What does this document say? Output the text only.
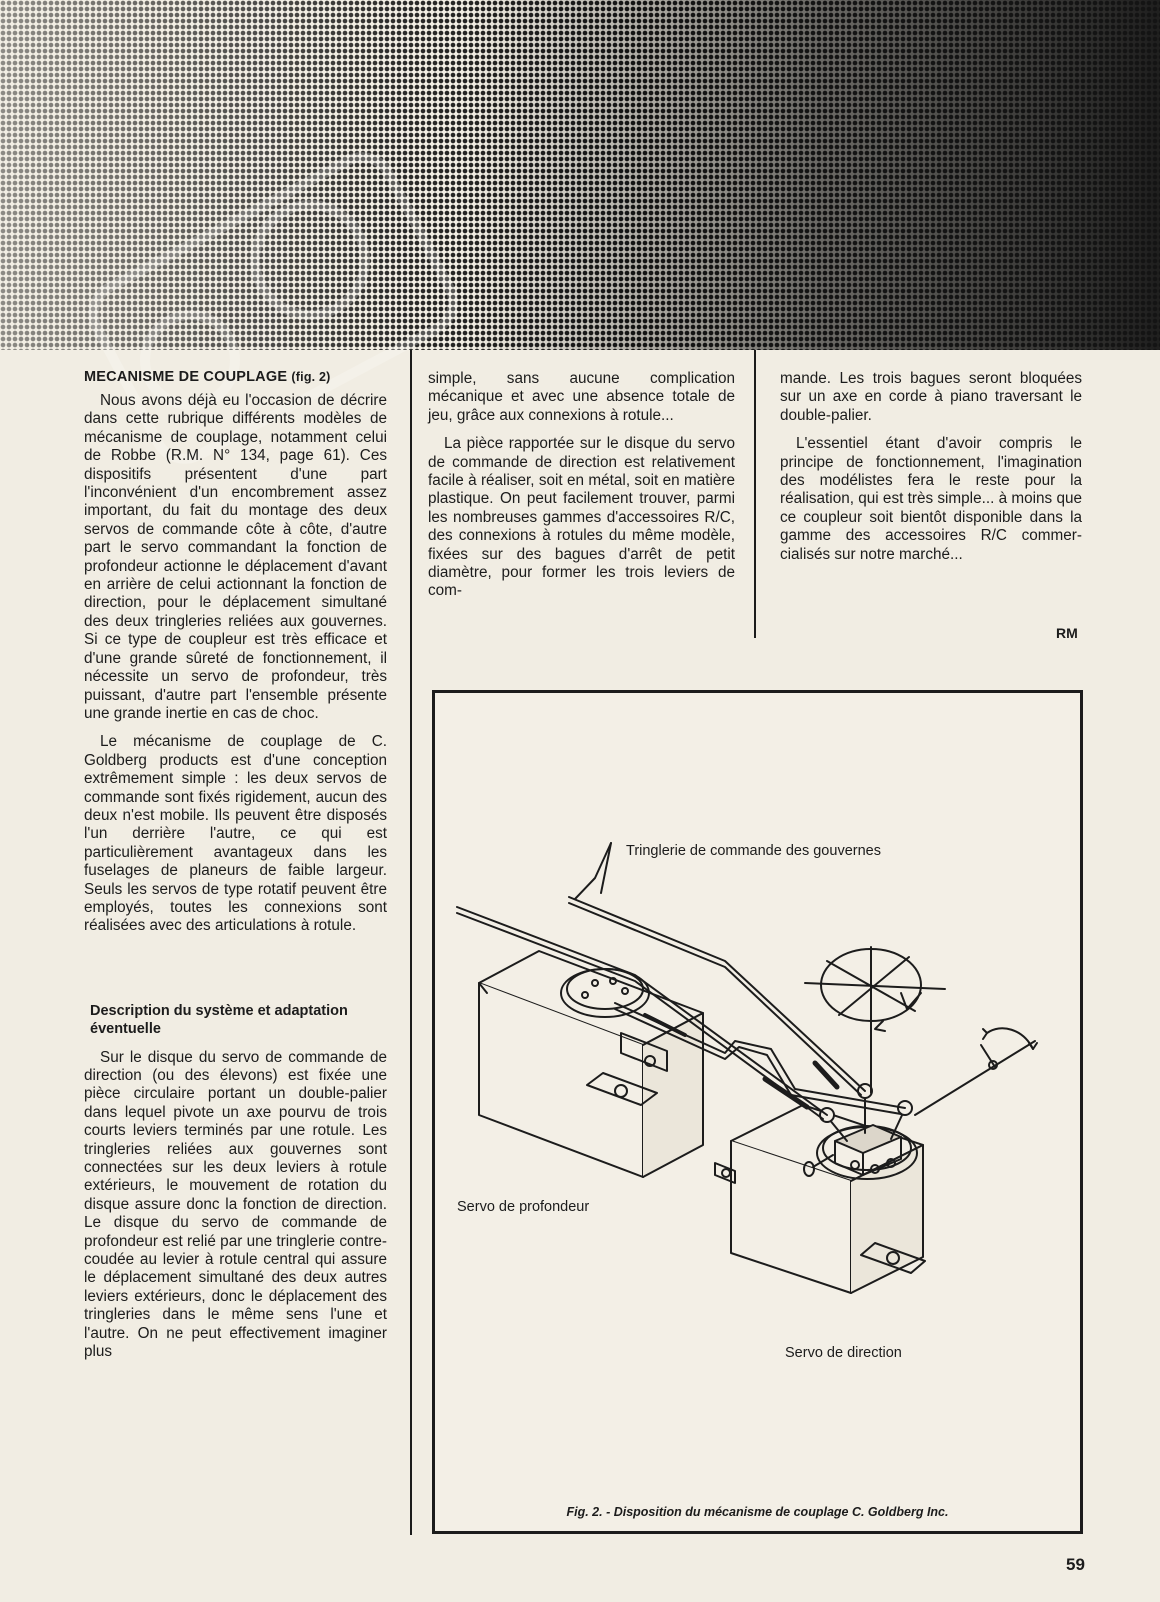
MECANISME DE COUPLAGE (fig. 2)

Nous avons déjà eu l'occasion de décrire dans cette rubrique différents modèles de mécanisme de couplage, notamment celui de Robbe (R.M. N° 134, page 61). Ces dispositifs présentent d'une part l'inconvénient d'un encombrement assez important, du fait du montage des deux servos de commande côte à côte, d'autre part le servo commandant la fonction de profondeur actionne le déplacement d'avant en arrière de celui actionnant la fonction de direction, pour le déplacement simultané des deux tringleries reliées aux gouvernes. Si ce type de coupleur est très efficace et d'une grande sûreté de fonctionnement, il nécessite un servo de profondeur, très puissant, d'autre part l'ensemble présente une grande inertie en cas de choc.

Le mécanisme de couplage de C. Goldberg products est d'une conception extrêmement simple : les deux servos de commande sont fixés rigidement, aucun des deux n'est mobile. Ils peuvent être disposés l'un derrière l'autre, ce qui est particulièrement avantageux dans les fuselages de planeurs de faible largeur. Seuls les servos de type rotatif peuvent être employés, toutes les connexions sont réalisées avec des articulations à rotule.

Description du système et adaptation éventuelle

Sur le disque du servo de commande de direction (ou des élevons) est fixée une pièce circulaire portant un double-palier dans lequel pivote un axe pourvu de trois courts leviers terminés par une rotule. Les tringleries reliées aux gouvernes sont connectées sur les deux leviers à rotule extérieurs, le mouvement de rotation du disque assure donc la fonction de direction. Le disque du servo de commande de profondeur est relié par une tringlerie contrecoudée au levier à rotule central qui assure le déplacement simultané des deux autres leviers extérieurs, donc le déplacement des tringleries dans le même sens l'une et l'autre. On ne peut effectivement imaginer plus

simple, sans aucune complication mécanique et avec une absence totale de jeu, grâce aux connexions à rotule...

La pièce rapportée sur le disque du servo de commande de direction est relativement facile à réaliser, soit en métal, soit en matière plastique. On peut facilement trouver, parmi les nombreuses gammes d'accessoires R/C, des connexions à rotules du même modèle, fixées sur des bagues d'arrêt de petit diamètre, pour former les trois leviers de com-

mande. Les trois bagues seront bloquées sur un axe en corde à piano traversant le double-palier.

L'essentiel étant d'avoir compris le principe de fonctionnement, l'imagination des modélistes fera le reste pour la réalisation, qui est très simple... à moins que ce coupleur soit bientôt disponible dans la gamme des accessoires R/C commercialisés sur notre marché...

RM
Tringlerie de commande des gouvernes
Servo de profondeur
Servo de direction
Fig. 2. - Disposition du mécanisme de couplage C. Goldberg Inc.
59
